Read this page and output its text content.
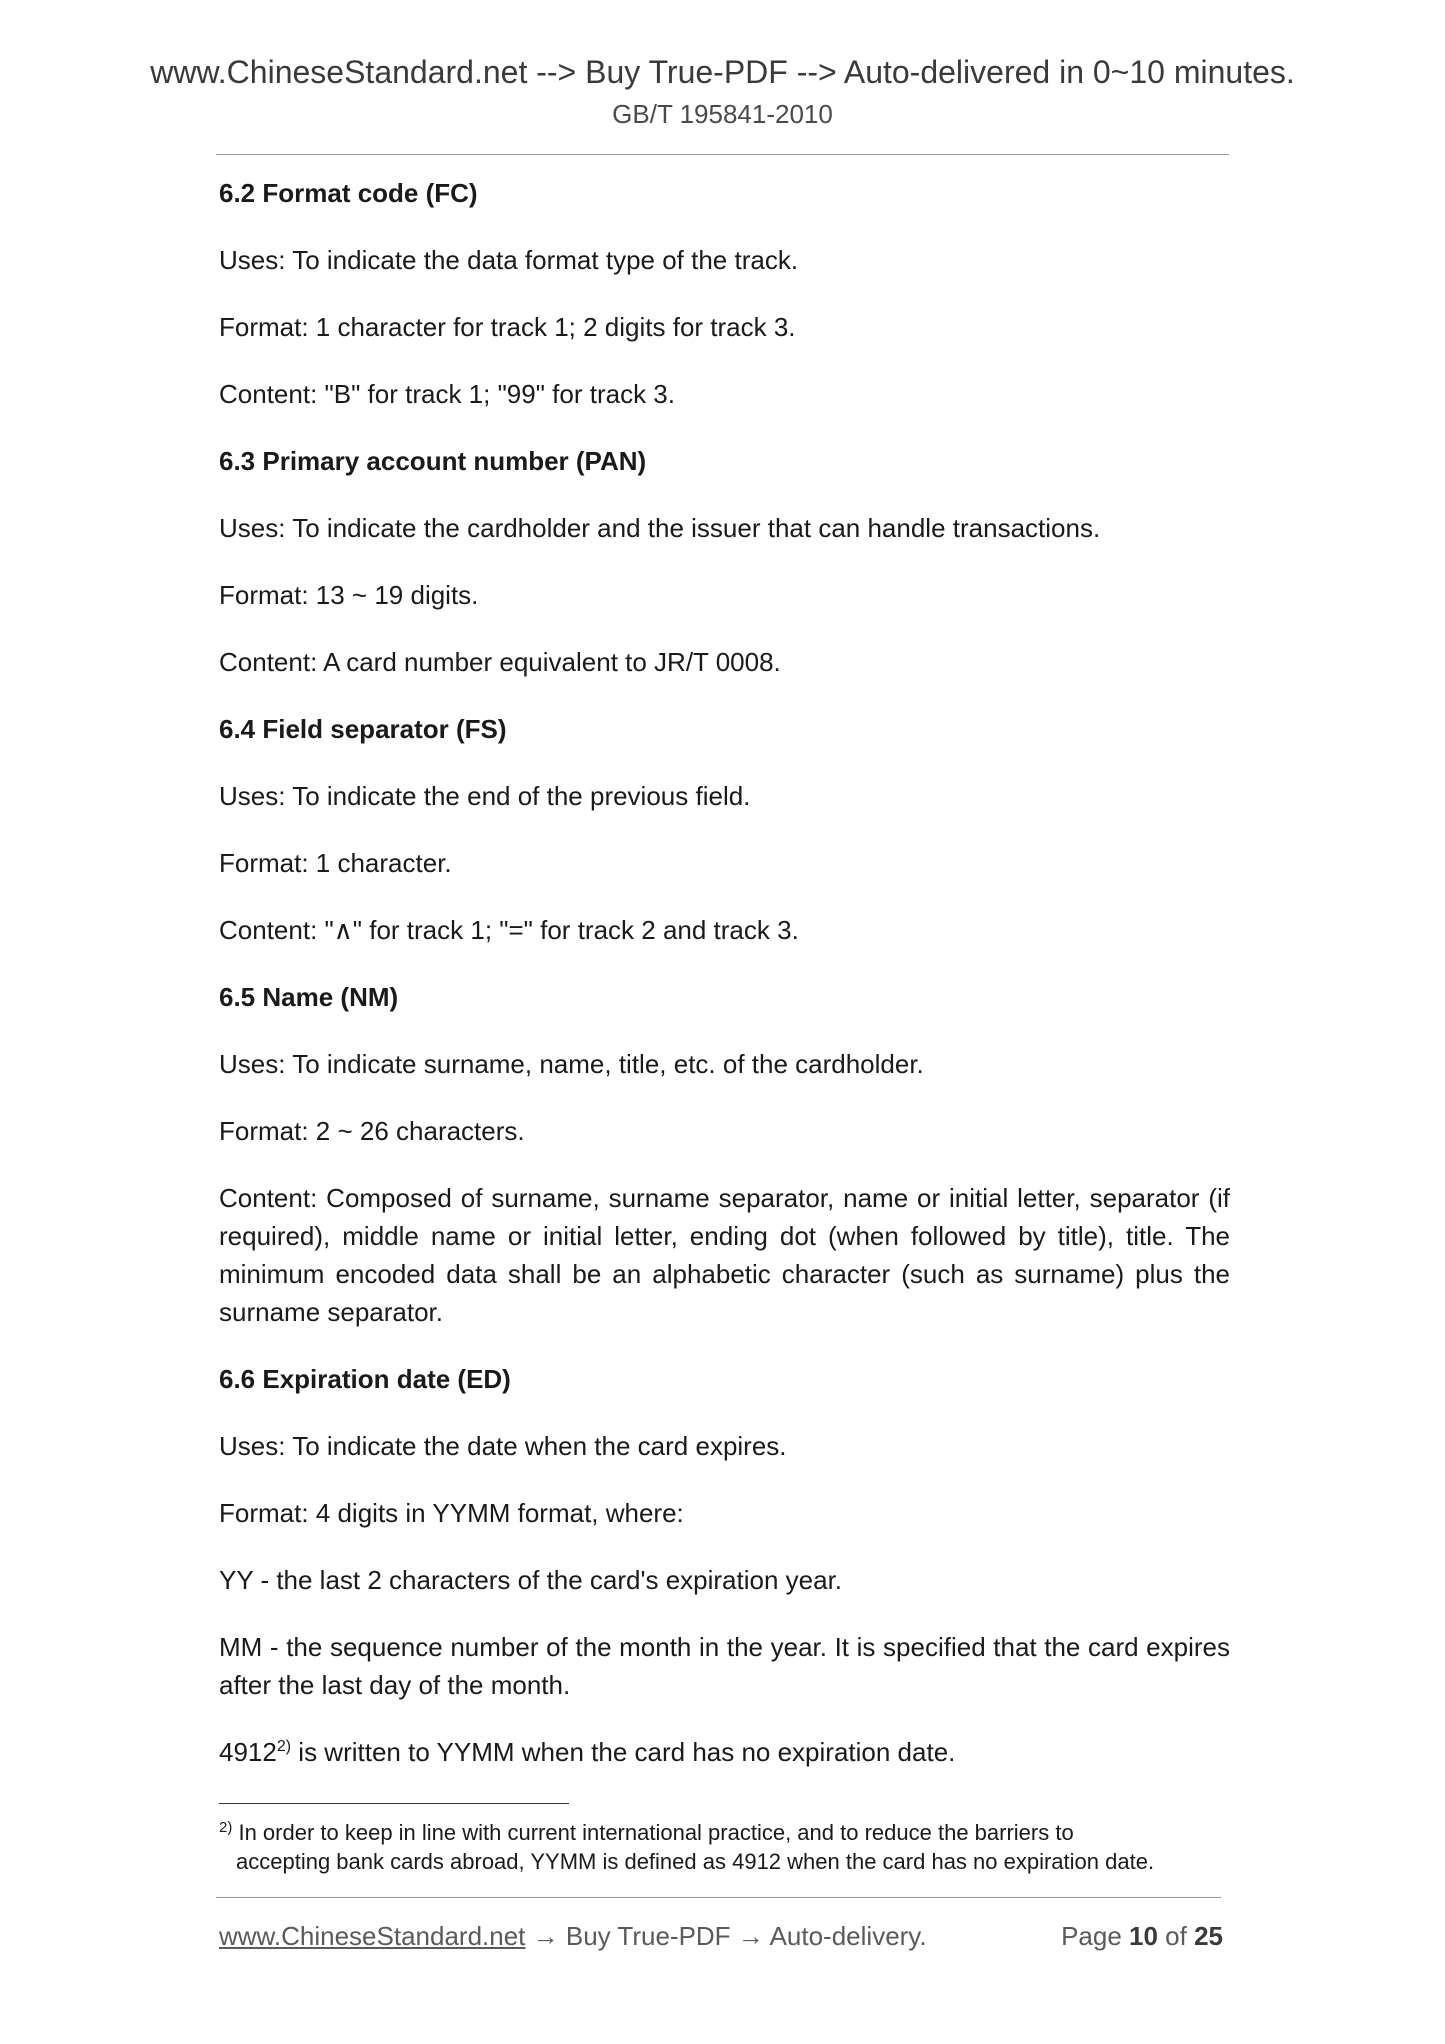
www.ChineseStandard.net --> Buy True-PDF --> Auto-delivered in 0~10 minutes.
GB/T 195841-2010
6.2 Format code (FC)

Uses: To indicate the data format type of the track.

Format: 1 character for track 1; 2 digits for track 3.

Content: "B" for track 1; "99" for track 3.

6.3 Primary account number (PAN)

Uses: To indicate the cardholder and the issuer that can handle transactions.

Format: 13 ~ 19 digits.

Content: A card number equivalent to JR/T 0008.

6.4 Field separator (FS)

Uses: To indicate the end of the previous field.

Format: 1 character.

Content: "∧" for track 1; "=" for track 2 and track 3.

6.5 Name (NM)

Uses: To indicate surname, name, title, etc. of the cardholder.

Format: 2 ~ 26 characters.

Content: Composed of surname, surname separator, name or initial letter, separator (if required), middle name or initial letter, ending dot (when followed by title), title. The minimum encoded data shall be an alphabetic character (such as surname) plus the surname separator.

6.6 Expiration date (ED)

Uses: To indicate the date when the card expires.

Format: 4 digits in YYMM format, where:

YY - the last 2 characters of the card's expiration year.

MM - the sequence number of the month in the year. It is specified that the card expires after the last day of the month.

4912$^{2)}$ is written to YYMM when the card has no expiration date.

$^{2)}$ In order to keep in line with current international practice, and to reduce the barriers to
accepting bank cards abroad, YYMM is defined as 4912 when the card has no expiration date.
www.ChineseStandard.net → Buy True-PDF → Auto-delivery.	Page 10 of 25
